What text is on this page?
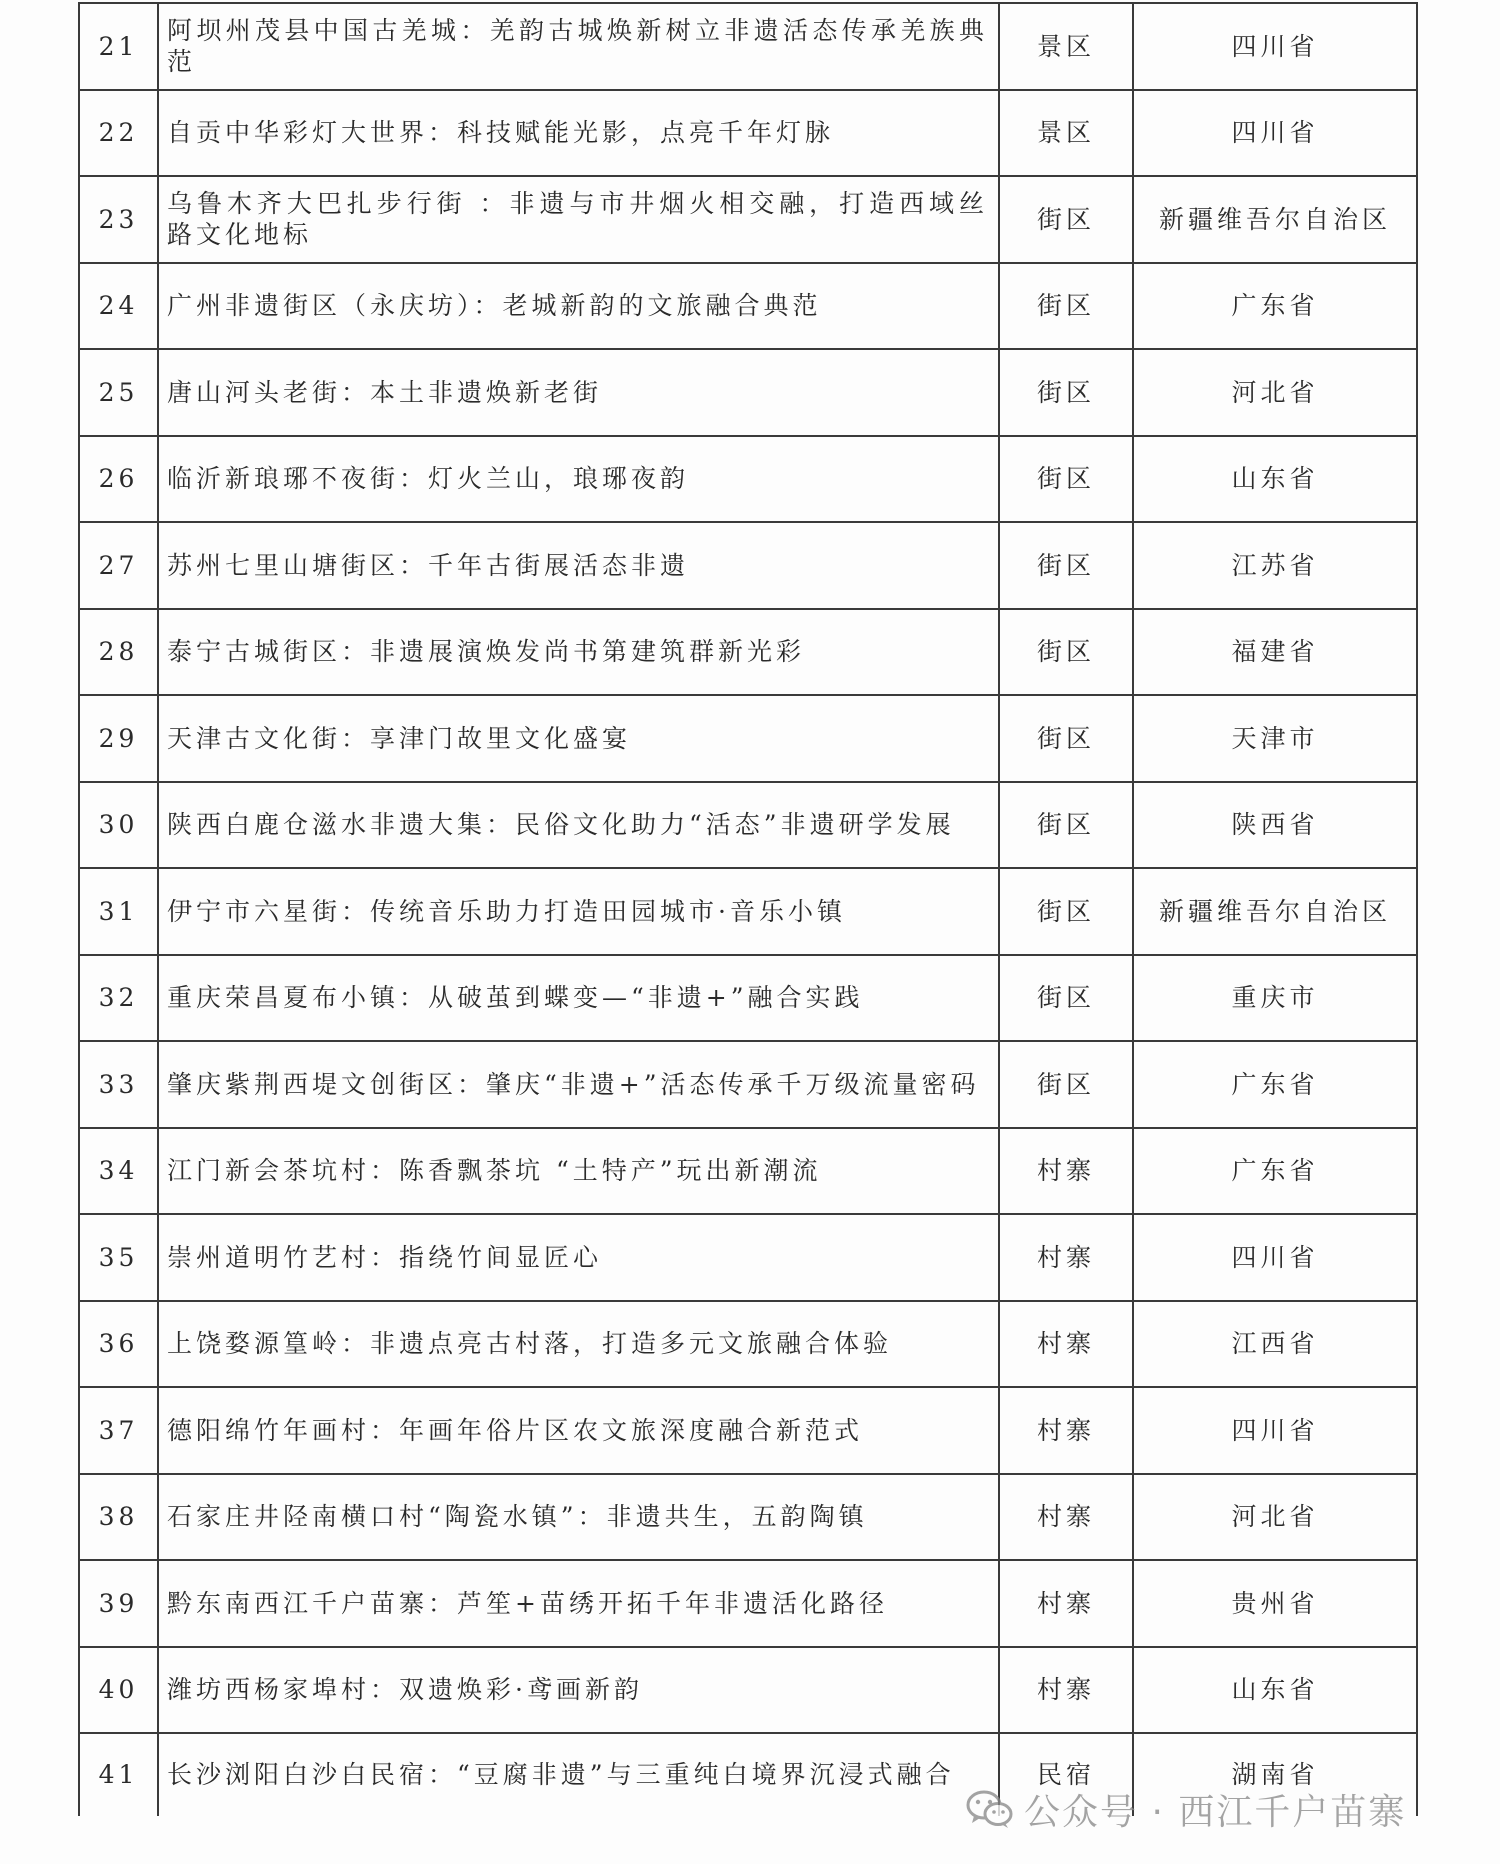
21	阿坝州茂县中国古羌城：羌韵古城焕新树立非遗活态传承羌族典范	景区	四川省
22	自贡中华彩灯大世界：科技赋能光影，点亮千年灯脉	景区	四川省
23	乌鲁木齐大巴扎步行街 ：非遗与市井烟火相交融，打造西域丝路文化地标	街区	新疆维吾尔自治区
24	广州非遗街区（永庆坊）：老城新韵的文旅融合典范	街区	广东省
25	唐山河头老街：本土非遗焕新老街	街区	河北省
26	临沂新琅琊不夜街：灯火兰山，琅琊夜韵	街区	山东省
27	苏州七里山塘街区：千年古街展活态非遗	街区	江苏省
28	泰宁古城街区：非遗展演焕发尚书第建筑群新光彩	街区	福建省
29	天津古文化街：享津门故里文化盛宴	街区	天津市
30	陕西白鹿仓滋水非遗大集：民俗文化助力“活态”非遗研学发展	街区	陕西省
31	伊宁市六星街：传统音乐助力打造田园城市·音乐小镇	街区	新疆维吾尔自治区
32	重庆荣昌夏布小镇：从破茧到蝶变—“非遗+”融合实践	街区	重庆市
33	肇庆紫荆西堤文创街区：肇庆“非遗+”活态传承千万级流量密码	街区	广东省
34	江门新会茶坑村：陈香飘茶坑 “土特产”玩出新潮流	村寨	广东省
35	崇州道明竹艺村：指绕竹间显匠心	村寨	四川省
36	上饶婺源篁岭：非遗点亮古村落，打造多元文旅融合体验	村寨	江西省
37	德阳绵竹年画村：年画年俗片区农文旅深度融合新范式	村寨	四川省
38	石家庄井陉南横口村“陶瓷水镇”：非遗共生，五韵陶镇	村寨	河北省
39	黔东南西江千户苗寨：芦笙+苗绣开拓千年非遗活化路径	村寨	贵州省
40	潍坊西杨家埠村：双遗焕彩·鸢画新韵	村寨	山东省
41	长沙浏阳白沙白民宿：“豆腐非遗”与三重纯白境界沉浸式融合	民宿	湖南省
公众号 · 西江千户苗寨
